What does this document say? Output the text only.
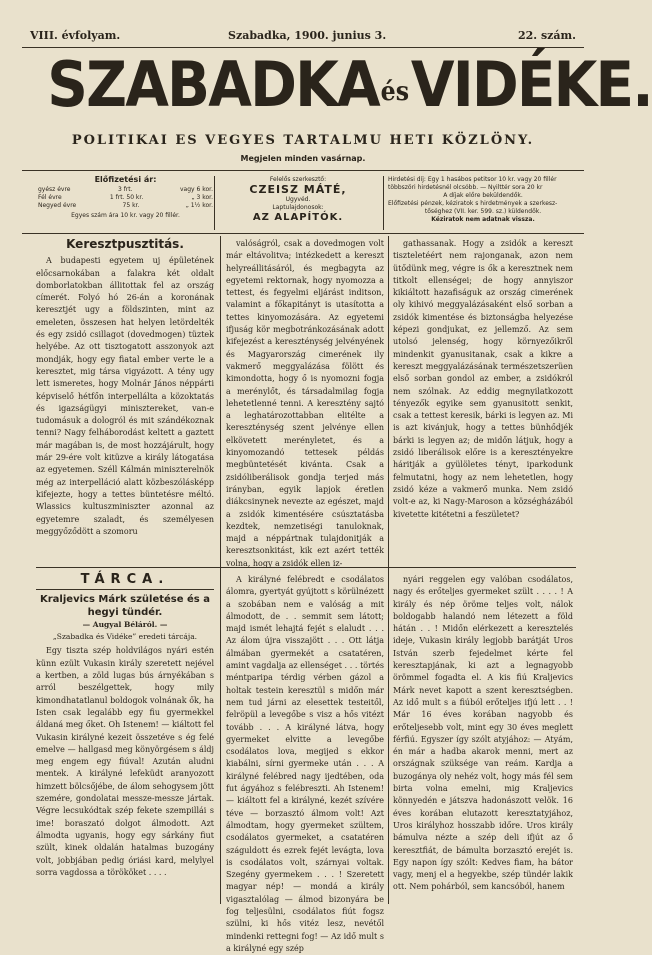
VIII. évfolyam.	Szabadka, 1900. junius 3.	22. szám.
SZABADKAésVIDÉKE.
POLITIKAI ES VEGYES TARTALMU HETI KÖZLÖNY.
Megjelen minden vasárnap.
Előfizetési ár:
gyész évre	3 frt.	vagy 6 kor.
Fél évre	1 frt. 50 kr.	„ 3 kor.
Negyed évre	75 kr.	„ 1½ kor.
Egyes szám ára 10 kr. vagy 20 fillér.
Felelős szerkesztő:
CZEISZ MÁTÉ,
Ugyvéd.
Laptulajdonosok:
AZ ALAPÍTÓK.
Hirdetési díj: Egy 1 hasábos petitsor 10 kr. vagy 20 fillér
többszöri hirdetésnél olcsóbb. — Nyilttér sora 20 kr
A díjak előre beküldendők.
Előfizetési pénzek, kéziratok s hirdetmények a szerkesz-
tőséghez (VII. ker. 599. sz.) küldendők.
Kéziratok nem adatnak vissza.
Keresztpusztitás.

A budapesti egyetem uj épületének előcsarnokában a falakra két oldalt domborlatokban állitottak fel az ország címerét. Folyó hó 26-án a koronának keresztjét ugy a földszinten, mint az emeleten, összesen hat helyen letördelték és egy zsidó csillagot (dovedmogen) tüztek helyébe. Az ott tisztogatott asszonyok azt mondják, hogy egy fiatal ember verte le a keresztet, mig társa vigyázott. A tény ugy lett ismeretes, hogy Molnár János néppárti képviselő hétfőn interpellálta a közoktatás és igazságügyi minisztereket, van-e tudomásuk a dologról és mit szándékoznak tenni? Nagy felháborodást keltett a gaztett már magában is, de most hozzájárult, hogy már 29-ére volt kitüzve a király látogatása az egyetemen. Széll Kálmán miniszterelnök még az interpelláció alatt közbeszólásképp kifejezte, hogy a tettes büntetésre méltó. Wlassics kultuszminiszter azonnal az egyetemre szaladt, és személyesen meggyőződött a szomoru

valóságról, csak a dovedmogen volt már eltávolitva; intézkedett a kereszt helyreállitásáról, és megbagyta az egyetemi rektornak, hogy nyomozza a tettest, és fegyelmi eljárást inditson, valamint a főkapitányt is utasította a tettes kinyomozására. Az egyetemi ifjuság kör megbotránkozásának adott kifejezést a kereszténység jelvényének és Magyarország cimerének ily vakmerő meggyalázása fölött és kimondotta, hogy ő is nyomozni fogja a merénylőt, és társadalmilag fogja lehetetlenné tenni. A keresztény sajtó a leghatározottabban elitélte a kereszténység szent jelvénye ellen elkövetett merényletet, és a kinyomozandó tettesek példás megbüntetését kivánta. Csak a zsidóliberálisok gondja terjed más irányban, egyik lapjok éretlen diákcsinynek nevezte az egészet, majd a zsidók kimentésére csúsztatásba kezdtek, nemzetiségi tanuloknak, majd a néppártnak tulajdonitják a keresztsonkitást, kik ezt azért tették volna, hogy a zsidók ellen iz-

gathassanak. Hogy a zsidók a kereszt tiszteletéért nem rajonganak, azon nem ütődünk meg, végre is ők a keresztnek nem titkolt ellenségei; de hogy annyiszor kikiáltott hazafiságuk az ország cimerének oly kihivó meggyalázásaként első sorban a zsidók kimentése és biztonságba helyezése képezi gondjukat, ez jellemző. Az sem utolsó jelenség, hogy környezőikről mindenkit gyanusitanak, csak a kikre a kereszt meggyalázásának természetszerüen első sorban gondol az ember, a zsidókról nem szólnak. Az eddig megnyilatkozott tényezők egyike sem gyanusitott senkit, csak a tettest keresik, bárki is legyen az. Mi is azt kivánjuk, hogy a tettes bünhődjék bárki is legyen az; de midőn látjuk, hogy a zsidó liberálisok előre is a keresztényekre háritják a gyülöletes tényt, iparkodunk felmutatni, hogy az nem lehetetlen, hogy zsidó kéze a vakmerő munka. Nem zsidó volt-e az, ki Nagy-Maroson a községházából kivetette kitétetni a feszületet?

TÁRCA.
Kraljevics Márk születése és a hegyi tündér.
— Augyal Béláról. —
„Szabadka és Vidéke” eredeti tárcája.

Egy tiszta szép holdvilágos nyári estén künn ezült Vukasin király szeretett nejével a kertben, a zöld lugas bús árnyékában s arról beszélgettek, hogy mily kimondhatatlanul boldogok volnának ők, ha Isten csak legalább egy fiu gyermekkel áldaná meg őket. Oh Istenem! — kiáltott fel Vukasin királyné kezeit összetéve s ég felé emelve — hallgasd meg könyörgésem s áldj meg engem egy fiúval! Azután aludni mentek. A királyné lefeküdt aranyozott himzett bölcsőjébe, de álom sehogysem jött szemére, gondolatai messze-messze jártak. Végre lecsukódtak szép fekete szempillái s ime! boraszató dolgot álmodott. Azt álmodta ugyanis, hogy egy sárkány fiut szült, kinek oldalán hatalmas buzogány volt, jobbjában pedig óriási kard, melylyel sorra vagdossa a törököket . . . .

A királyné felébredt e csodálatos álomra, gyertyát gyújtott s körülnézett a szobában nem e valóság a mit álmodott, de . . semmit sem látott; majd ismét lehajtá fejét s elaludt . . . Az álom újra visszajött . . . Ott látja álmában gyermekét a csatatéren, amint vagdalja az ellenséget . . . törtés méntparipa térdig vérben gázol a holtak testein keresztül s midőn már nem tud járni az elesettek testeitől, felröpül a levegőbe s visz a hős vitézt tovább . . . A királyné látva, hogy gyermeket elvitte a levegőbe csodálatos lova, megijed s ekkor kiabálni, sírni gyermeke után . . . A királyné felébred nagy ijedtében, oda fut ágyához s felébreszti. Ah Istenem! — kiáltott fel a királyné, kezét szívére téve — borzasztó álmom volt! Azt álmodtam, hogy gyermeket szültem, csodálatos gyermeket, a csatatéren száguldott és ezrek fejét levágta, lova is csodálatos volt, szárnyai voltak. Szegény gyermekem . . . ! Szeretett magyar nép! — mondá a király vigasztalólag — álmod bizonyára be fog teljesülni, csodálatos fiút fogsz szülni, ki hős vitéz lesz, nevétől mindenki rettegni fog! — Az idő mult s a királyné egy szép

nyári reggelen egy valóban csodálatos, nagy és erőteljes gyermeket szült . . . . ! A király és nép öröme teljes volt, nálok boldogabb halandó nem létezett a föld hátán . . ! Midőn elérkezett a keresztelés ideje, Vukasin király legjobb barátját Uros István szerb fejedelmet kérte fel keresztapjának, ki azt a legnagyobb örömmel fogadta el. A kis fiú Kraljevics Márk nevet kapott a szent keresztségben. Az idő mult s a fiúból erőteljes ifjú lett . . ! Már 16 éves korában nagyobb és erőteljesebb volt, mint egy 30 éves meglett férfiú. Egyszer így szólt atyjához: — Atyám, én már a hadba akarok menni, mert az országnak szüksége van reám. Kardja a buzogánya oly nehéz volt, hogy más fél sem birta volna emelni, mig Kraljevics könnyedén e játszva hadonászott velök. 16 éves korában elutazott keresztatyjához, Uros királyhoz hosszabb időre. Uros király bámulva nézte a szép deli ifjút az ő keresztfiát, de bámulta borzasztó erejét is. Egy napon így szólt: Kedves fiam, ha bátor vagy, menj el a hegyekbe, szép tündér lakik ott. Nem pohárból, sem kancsóból, hanem
